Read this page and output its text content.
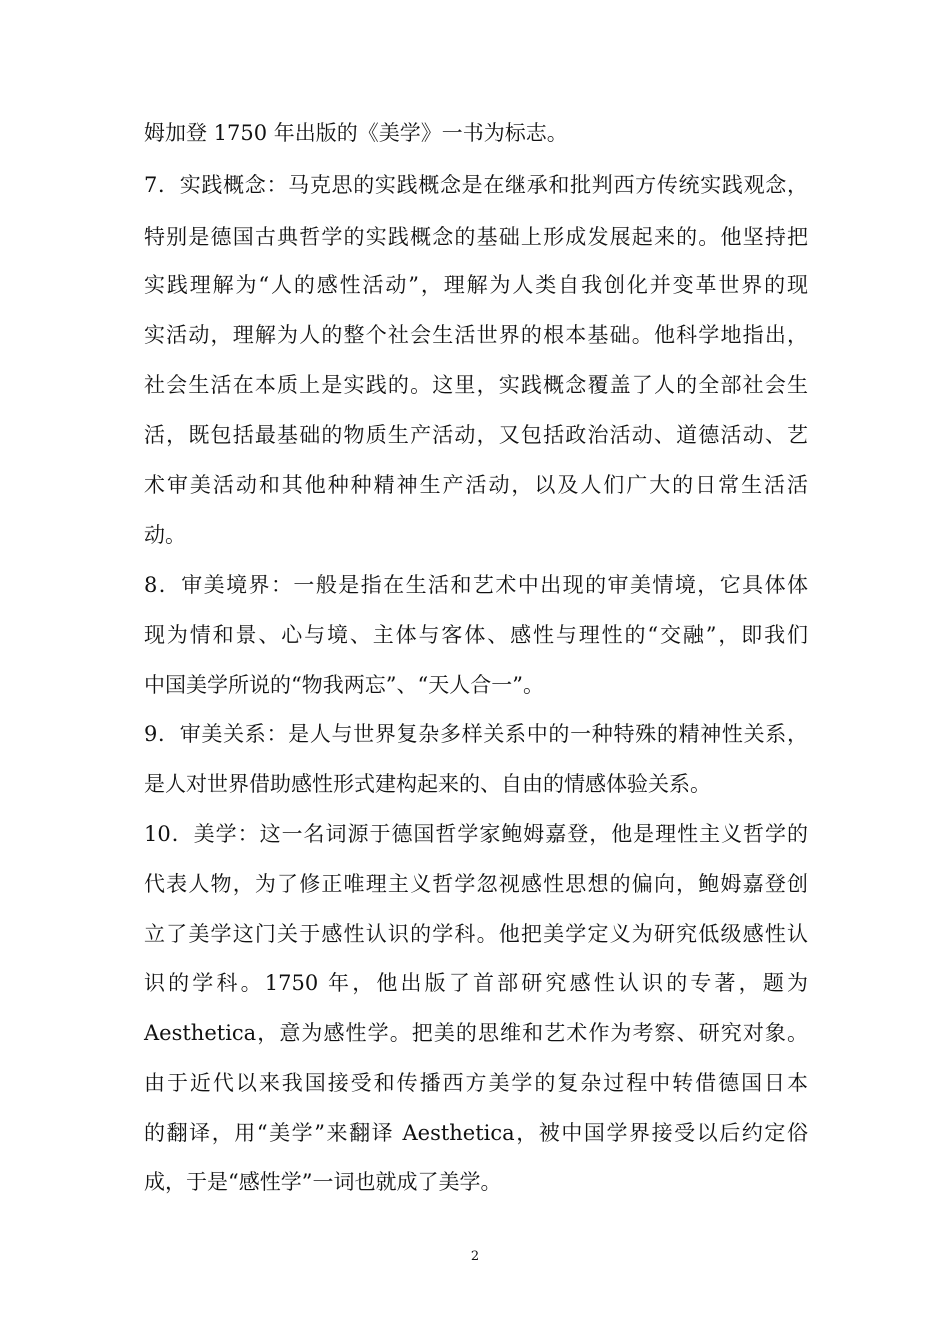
姆加登 1750 年出版的《美学》一书为标志。
7．实践概念：马克思的实践概念是在继承和批判西方传统实践观念，
特别是德国古典哲学的实践概念的基础上形成发展起来的。他坚持把
实践理解为“人的感性活动”，理解为人类自我创化并变革世界的现
实活动，理解为人的整个社会生活世界的根本基础。他科学地指出，
社会生活在本质上是实践的。这里，实践概念覆盖了人的全部社会生
活，既包括最基础的物质生产活动，又包括政治活动、道德活动、艺
术审美活动和其他种种精神生产活动，以及人们广大的日常生活活
动。
8．审美境界：一般是指在生活和艺术中出现的审美情境，它具体体
现为情和景、心与境、主体与客体、感性与理性的“交融”，即我们
中国美学所说的“物我两忘”、“天人合一”。
9．审美关系：是人与世界复杂多样关系中的一种特殊的精神性关系，
是人对世界借助感性形式建构起来的、自由的情感体验关系。
10．美学：这一名词源于德国哲学家鲍姆嘉登，他是理性主义哲学的
代表人物，为了修正唯理主义哲学忽视感性思想的偏向，鲍姆嘉登创
立了美学这门关于感性认识的学科。他把美学定义为研究低级感性认
识的学科。1750 年，他出版了首部研究感性认识的专著，题为
Aesthetica，意为感性学。把美的思维和艺术作为考察、研究对象。
由于近代以来我国接受和传播西方美学的复杂过程中转借德国日本
的翻译，用“美学”来翻译 Aesthetica，被中国学界接受以后约定俗
成，于是“感性学”一词也就成了美学。
2
